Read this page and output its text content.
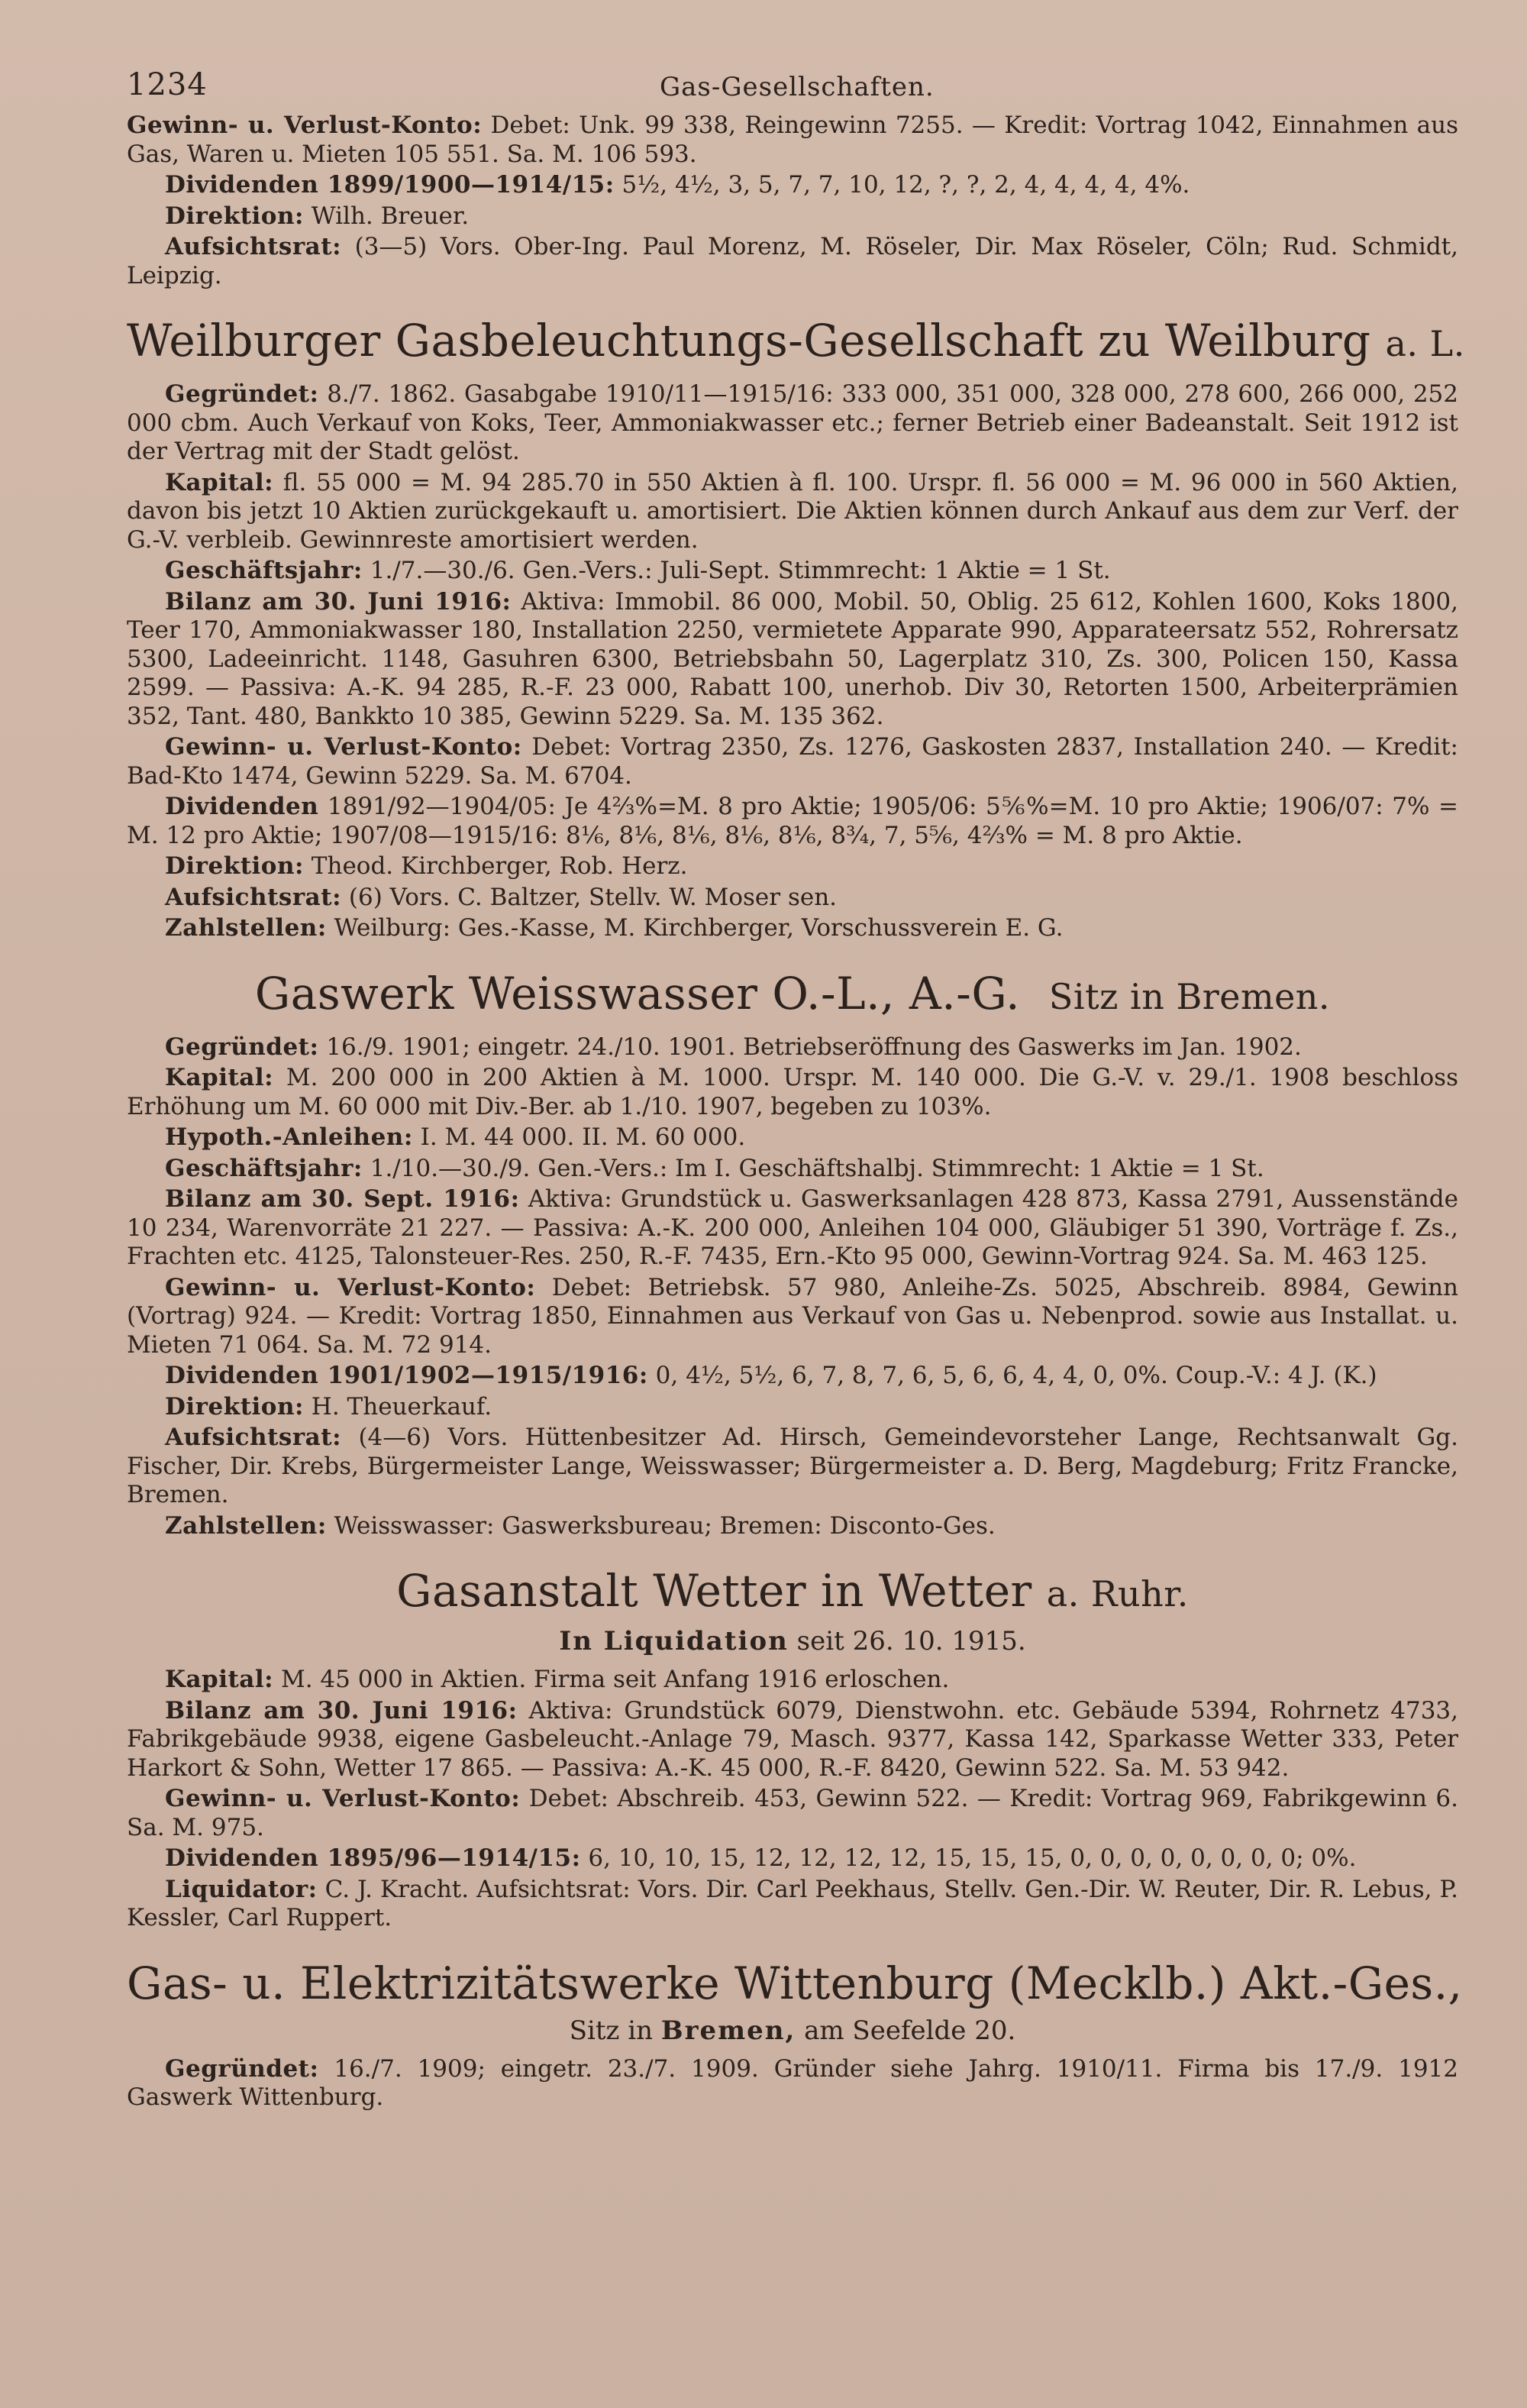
1234	Gas-Gesellschaften.

Gewinn- u. Verlust-Konto: Debet: Unk. 99 338, Reingewinn 7255. — Kredit: Vortrag 1042, Einnahmen aus Gas, Waren u. Mieten 105 551. Sa. M. 106 593.

Dividenden 1899/1900—1914/15: 5½, 4½, 3, 5, 7, 7, 10, 12, ?, ?, 2, 4, 4, 4, 4, 4%.

Direktion: Wilh. Breuer.

Aufsichtsrat: (3—5) Vors. Ober-Ing. Paul Morenz, M. Röseler, Dir. Max Röseler, Cöln; Rud. Schmidt, Leipzig.

Weilburger Gasbeleuchtungs-Gesellschaft zu Weilburg a. L.

Gegründet: 8./7. 1862. Gasabgabe 1910/11—1915/16: 333 000, 351 000, 328 000, 278 600, 266 000, 252 000 cbm. Auch Verkauf von Koks, Teer, Ammoniakwasser etc.; ferner Betrieb einer Badeanstalt. Seit 1912 ist der Vertrag mit der Stadt gelöst.

Kapital: fl. 55 000 = M. 94 285.70 in 550 Aktien à fl. 100. Urspr. fl. 56 000 = M. 96 000 in 560 Aktien, davon bis jetzt 10 Aktien zurückgekauft u. amortisiert. Die Aktien können durch Ankauf aus dem zur Verf. der G.-V. verbleib. Gewinnreste amortisiert werden.

Geschäftsjahr: 1./7.—30./6. Gen.-Vers.: Juli-Sept. Stimmrecht: 1 Aktie = 1 St.

Bilanz am 30. Juni 1916: Aktiva: Immobil. 86 000, Mobil. 50, Oblig. 25 612, Kohlen 1600, Koks 1800, Teer 170, Ammoniakwasser 180, Installation 2250, vermietete Apparate 990, Apparateersatz 552, Rohrersatz 5300, Ladeeinricht. 1148, Gasuhren 6300, Betriebsbahn 50, Lagerplatz 310, Zs. 300, Policen 150, Kassa 2599. — Passiva: A.-K. 94 285, R.-F. 23 000, Rabatt 100, unerhob. Div 30, Retorten 1500, Arbeiterprämien 352, Tant. 480, Bankkto 10 385, Gewinn 5229. Sa. M. 135 362.

Gewinn- u. Verlust-Konto: Debet: Vortrag 2350, Zs. 1276, Gaskosten 2837, Installation 240. — Kredit: Bad-Kto 1474, Gewinn 5229. Sa. M. 6704.

Dividenden 1891/92—1904/05: Je 4⅔%=M. 8 pro Aktie; 1905/06: 5⅚%=M. 10 pro Aktie; 1906/07: 7% = M. 12 pro Aktie; 1907/08—1915/16: 8⅙, 8⅙, 8⅙, 8⅙, 8⅙, 8¾, 7, 5⅚, 4⅔% = M. 8 pro Aktie.

Direktion: Theod. Kirchberger, Rob. Herz.

Aufsichtsrat: (6) Vors. C. Baltzer, Stellv. W. Moser sen.

Zahlstellen: Weilburg: Ges.-Kasse, M. Kirchberger, Vorschussverein E. G.

Gaswerk Weisswasser O.-L., A.-G. Sitz in Bremen.

Gegründet: 16./9. 1901; eingetr. 24./10. 1901. Betriebseröffnung des Gaswerks im Jan. 1902.

Kapital: M. 200 000 in 200 Aktien à M. 1000. Urspr. M. 140 000. Die G.-V. v. 29./1. 1908 beschloss Erhöhung um M. 60 000 mit Div.-Ber. ab 1./10. 1907, begeben zu 103%.

Hypoth.-Anleihen: I. M. 44 000. II. M. 60 000.

Geschäftsjahr: 1./10.—30./9. Gen.-Vers.: Im I. Geschäftshalbj. Stimmrecht: 1 Aktie = 1 St.

Bilanz am 30. Sept. 1916: Aktiva: Grundstück u. Gaswerksanlagen 428 873, Kassa 2791, Aussenstände 10 234, Warenvorräte 21 227. — Passiva: A.-K. 200 000, Anleihen 104 000, Gläubiger 51 390, Vorträge f. Zs., Frachten etc. 4125, Talonsteuer-Res. 250, R.-F. 7435, Ern.-Kto 95 000, Gewinn-Vortrag 924. Sa. M. 463 125.

Gewinn- u. Verlust-Konto: Debet: Betriebsk. 57 980, Anleihe-Zs. 5025, Abschreib. 8984, Gewinn (Vortrag) 924. — Kredit: Vortrag 1850, Einnahmen aus Verkauf von Gas u. Nebenprod. sowie aus Installat. u. Mieten 71 064. Sa. M. 72 914.

Dividenden 1901/1902—1915/1916: 0, 4½, 5½, 6, 7, 8, 7, 6, 5, 6, 6, 4, 4, 0, 0%. Coup.-V.: 4 J. (K.)

Direktion: H. Theuerkauf.

Aufsichtsrat: (4—6) Vors. Hüttenbesitzer Ad. Hirsch, Gemeindevorsteher Lange, Rechtsanwalt Gg. Fischer, Dir. Krebs, Bürgermeister Lange, Weisswasser; Bürgermeister a. D. Berg, Magdeburg; Fritz Francke, Bremen.

Zahlstellen: Weisswasser: Gaswerksbureau; Bremen: Disconto-Ges.

Gasanstalt Wetter in Wetter a. Ruhr.
In Liquidation seit 26. 10. 1915.

Kapital: M. 45 000 in Aktien. Firma seit Anfang 1916 erloschen.

Bilanz am 30. Juni 1916: Aktiva: Grundstück 6079, Dienstwohn. etc. Gebäude 5394, Rohrnetz 4733, Fabrikgebäude 9938, eigene Gasbeleucht.-Anlage 79, Masch. 9377, Kassa 142, Sparkasse Wetter 333, Peter Harkort & Sohn, Wetter 17 865. — Passiva: A.-K. 45 000, R.-F. 8420, Gewinn 522. Sa. M. 53 942.

Gewinn- u. Verlust-Konto: Debet: Abschreib. 453, Gewinn 522. — Kredit: Vortrag 969, Fabrikgewinn 6. Sa. M. 975.

Dividenden 1895/96—1914/15: 6, 10, 10, 15, 12, 12, 12, 12, 15, 15, 15, 0, 0, 0, 0, 0, 0, 0, 0; 0%.

Liquidator: C. J. Kracht. Aufsichtsrat: Vors. Dir. Carl Peekhaus, Stellv. Gen.-Dir. W. Reuter, Dir. R. Lebus, P. Kessler, Carl Ruppert.

Gas- u. Elektrizitätswerke Wittenburg (Mecklb.) Akt.-Ges.,
Sitz in Bremen, am Seefelde 20.

Gegründet: 16./7. 1909; eingetr. 23./7. 1909. Gründer siehe Jahrg. 1910/11. Firma bis 17./9. 1912 Gaswerk Wittenburg.
